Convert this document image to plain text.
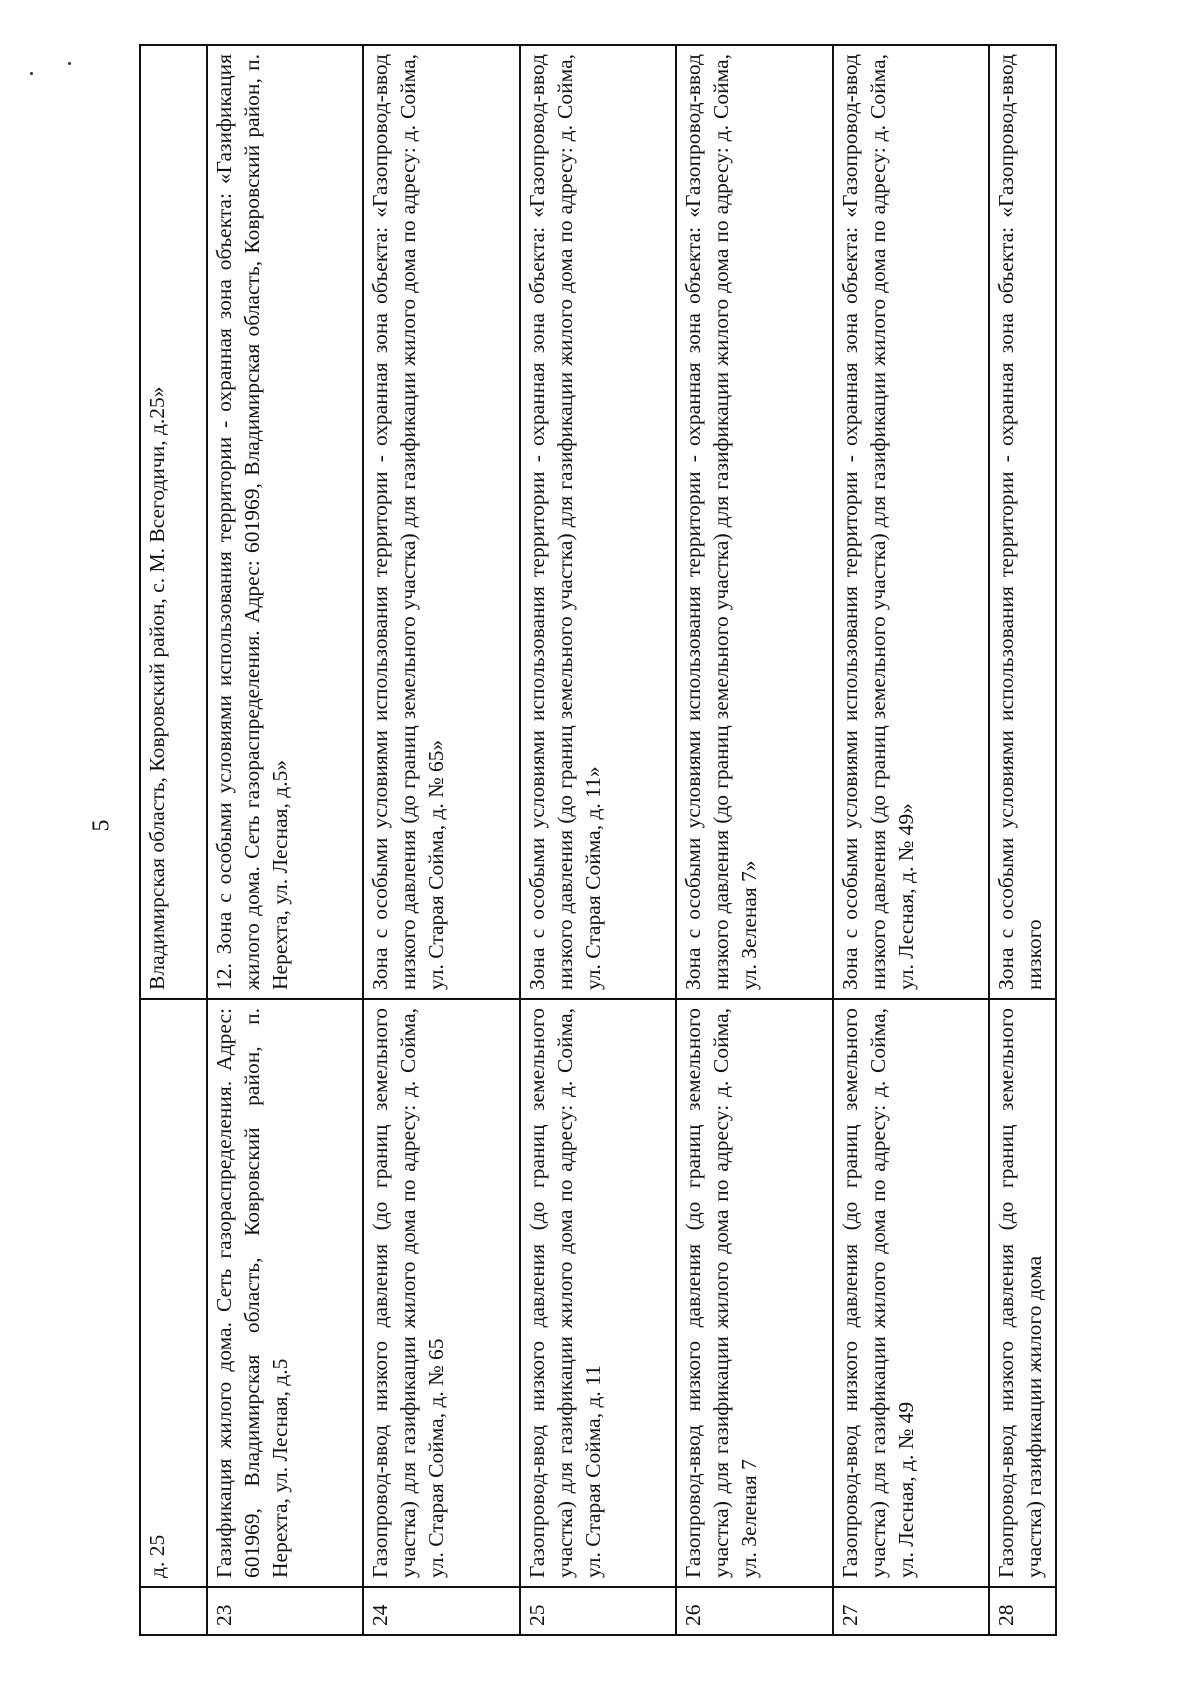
5
	д. 25	Владимирская область, Ковровский район, с. М. Всегодичи, д.25»
23	Газификация жилого дома. Сеть газораспределения. Адрес: 601969, Владимирская область, Ковровский район, п. Нерехта, ул. Лесная, д.5	12. Зона с особыми условиями использования территории - охранная зона объекта: «Газификация жилого дома. Сеть газораспределения. Адрес: 601969, Владимирская область, Ковровский район, п. Нерехта, ул. Лесная, д.5»
24	Газопровод-ввод низкого давления (до границ земельного участка) для газификации жилого дома по адресу: д. Сойма, ул. Старая Сойма, д. № 65	Зона с особыми условиями использования территории - охранная зона объекта: «Газопровод-ввод низкого давления (до границ земельного участка) для газификации жилого дома по адресу: д. Сойма, ул. Старая Сойма, д. № 65»
25	Газопровод-ввод низкого давления (до границ земельного участка) для газификации жилого дома по адресу: д. Сойма, ул. Старая Сойма, д. 11	Зона с особыми условиями использования территории - охранная зона объекта: «Газопровод-ввод низкого давления (до границ земельного участка) для газификации жилого дома по адресу: д. Сойма, ул. Старая Сойма, д. 11»
26	Газопровод-ввод низкого давления (до границ земельного участка) для газификации жилого дома по адресу: д. Сойма, ул. Зеленая 7	Зона с особыми условиями использования территории - охранная зона объекта: «Газопровод-ввод низкого давления (до границ земельного участка) для газификации жилого дома по адресу: д. Сойма, ул. Зеленая 7»
27	Газопровод-ввод низкого давления (до границ земельного участка) для газификации жилого дома по адресу: д. Сойма, ул. Лесная, д. № 49	Зона с особыми условиями использования территории - охранная зона объекта: «Газопровод-ввод низкого давления (до границ земельного участка) для газификации жилого дома по адресу: д. Сойма, ул. Лесная, д. № 49»
28	Газопровод-ввод низкого давления (до границ земельного участка) газификации жилого дома	Зона с особыми условиями использования территории - охранная зона объекта: «Газопровод-ввод низкого
